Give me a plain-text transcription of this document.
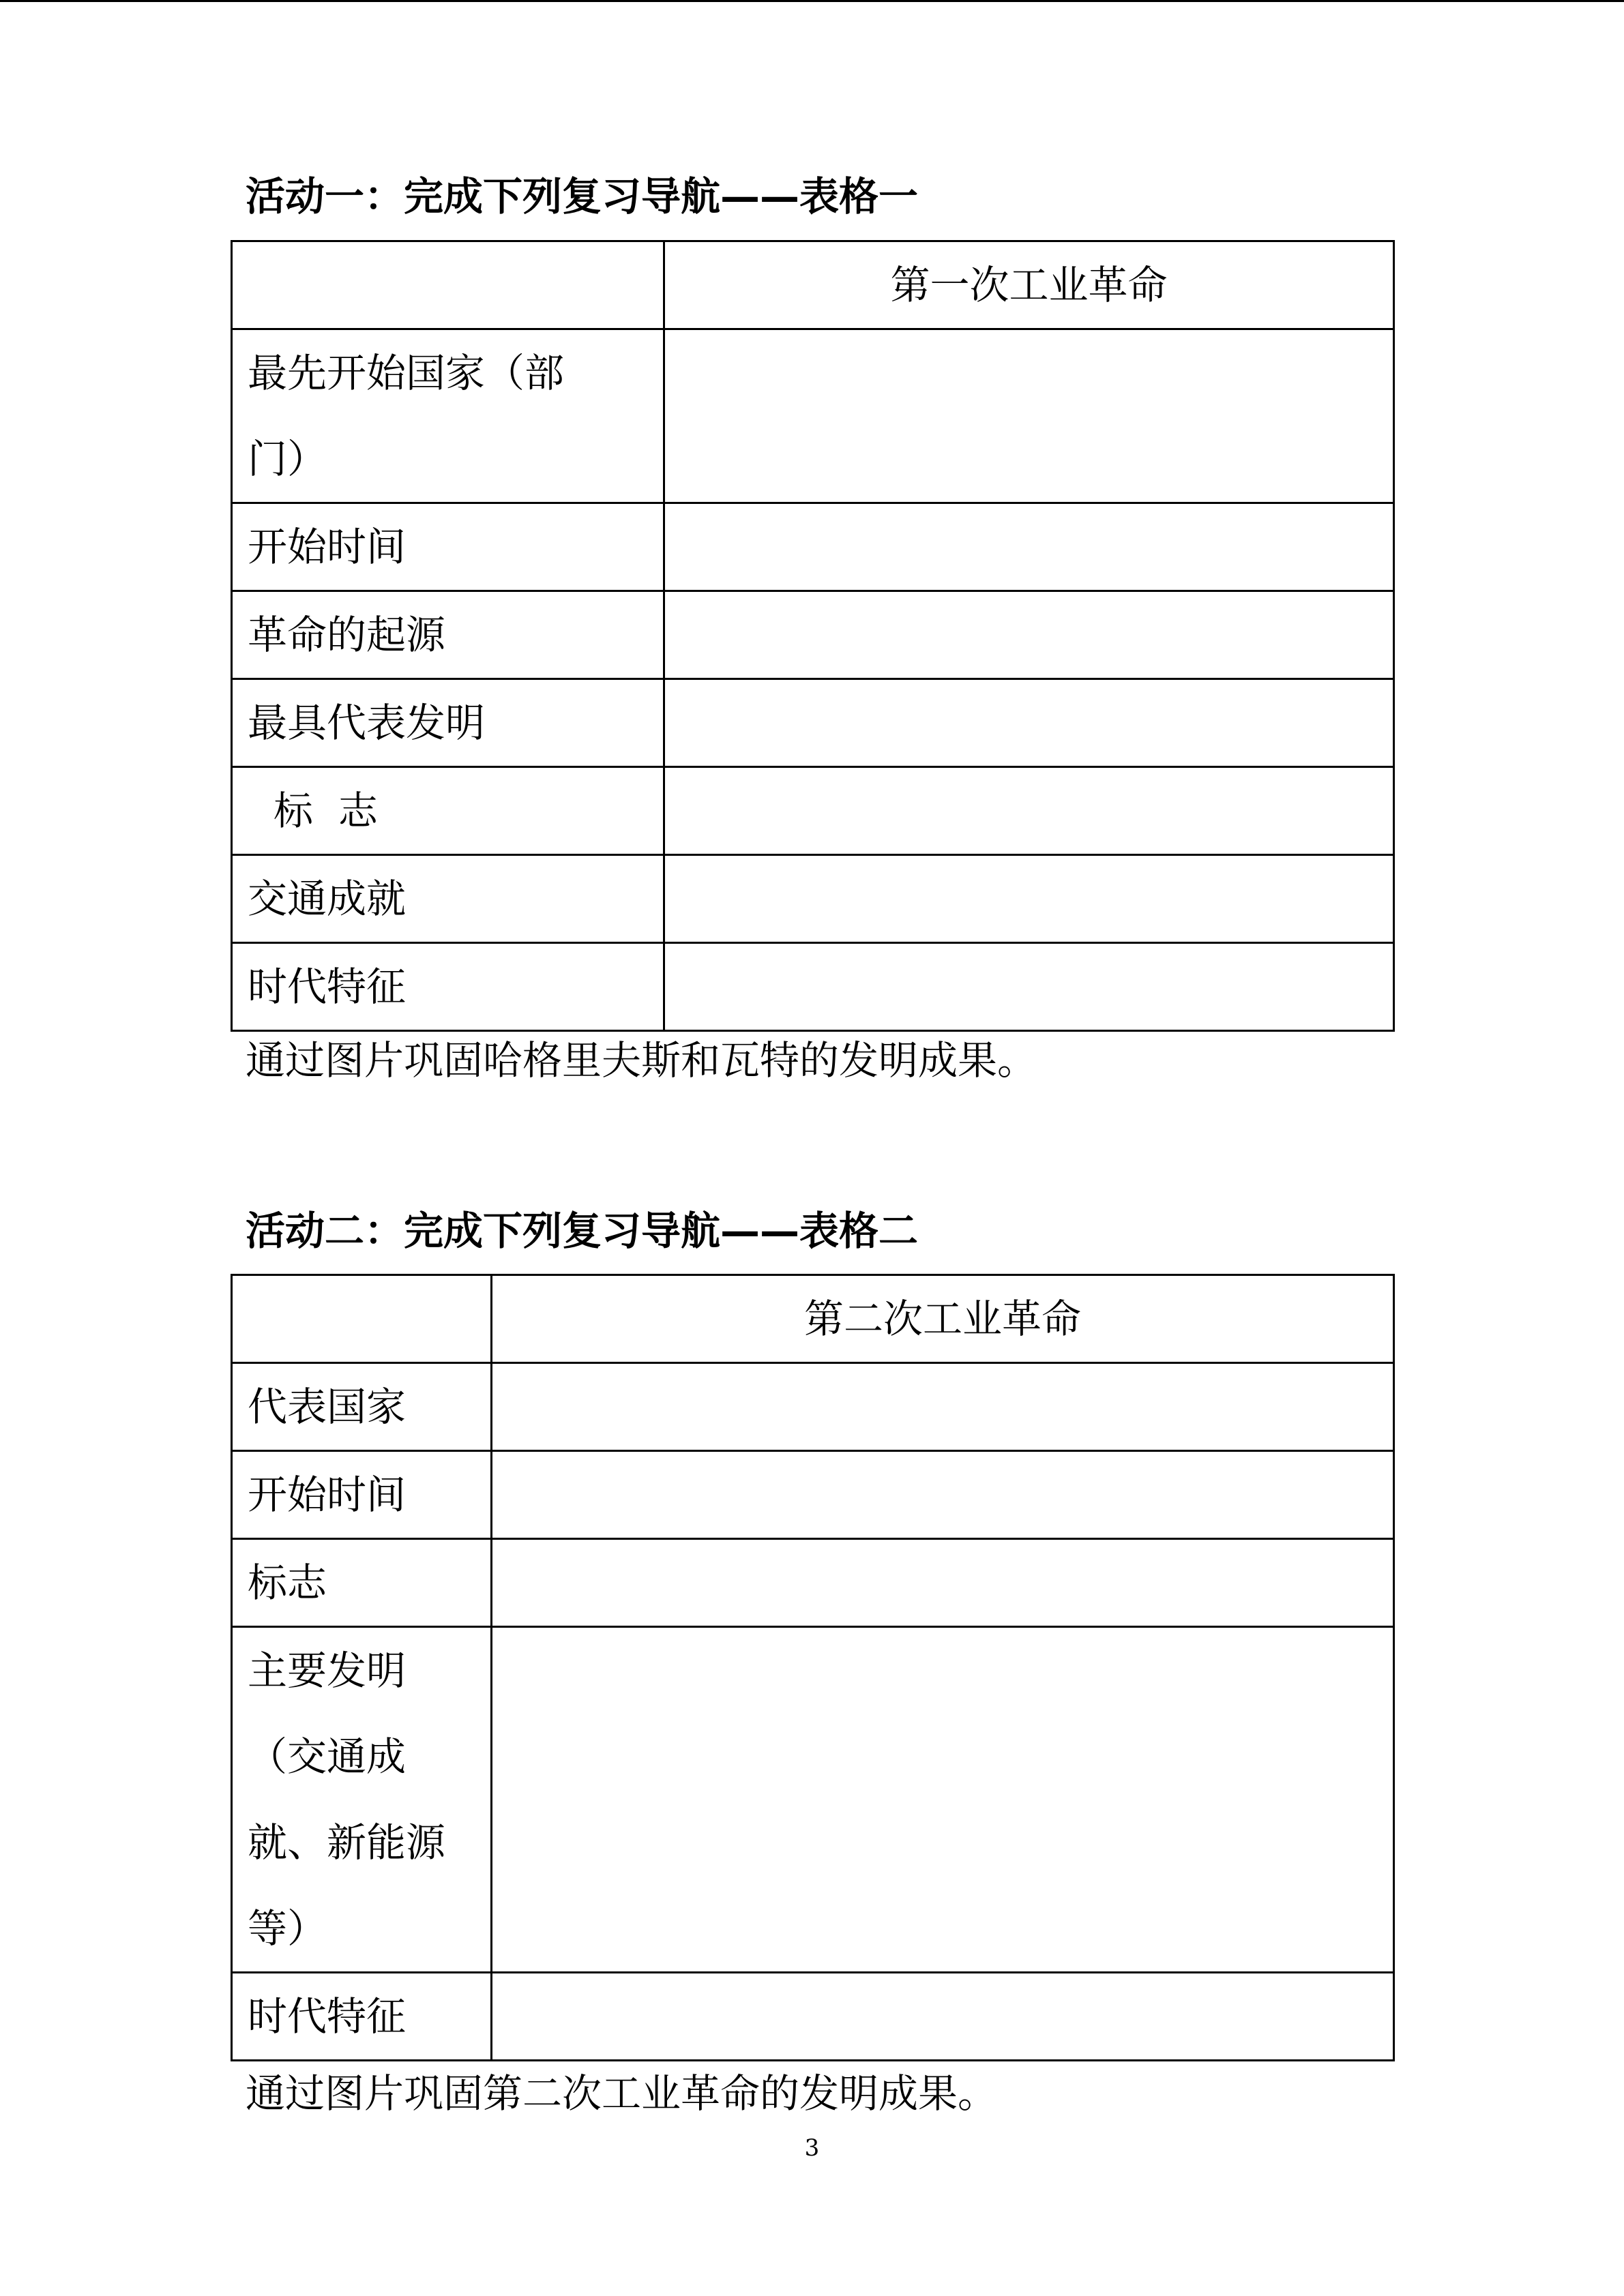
活动一：完成下列复习导航——表格一
	第一次工业革命

最先开始国家（部
门）	

开始时间	
革命的起源	
最具代表发明	
标  志	
交通成就	
时代特征	

通过图片巩固哈格里夫斯和瓦特的发明成果。

活动二：完成下列复习导航——表格二
	第二次工业革命
代表国家	
开始时间	
标志	

主要发明
（交通成
就、新能源
等）	

时代特征	

通过图片巩固第二次工业革命的发明成果。

3
